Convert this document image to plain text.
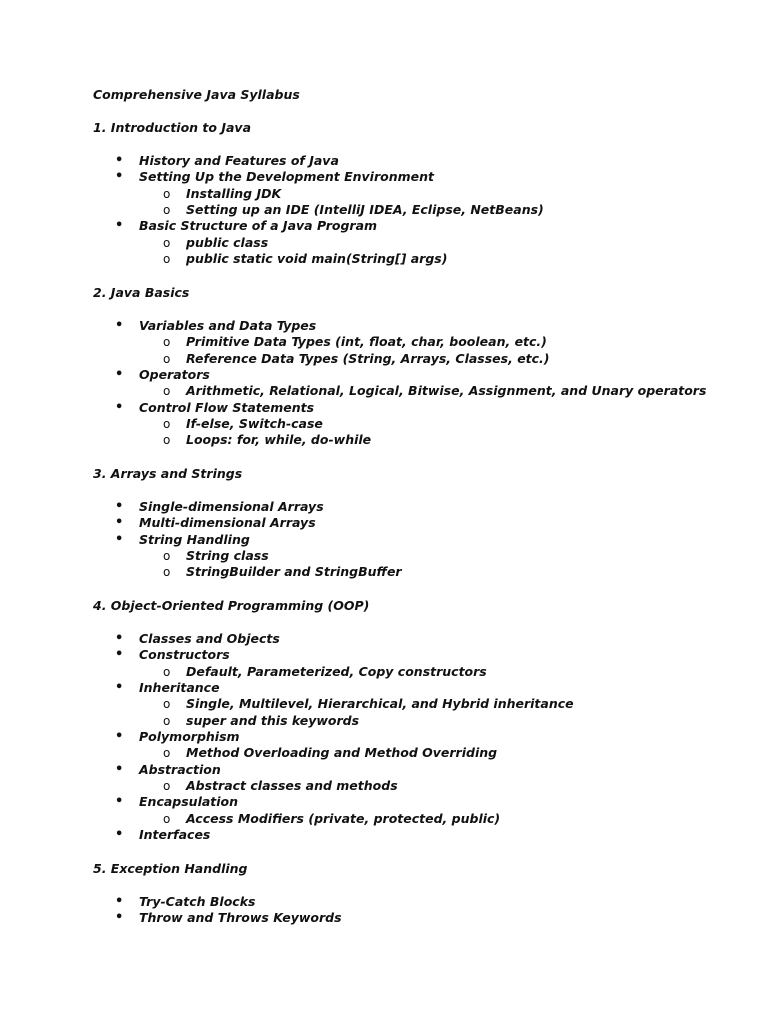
Comprehensive Java Syllabus
1. Introduction to Java
• History and Features of Java
• Setting Up the Development Environment
o Installing JDK
o Setting up an IDE (IntelliJ IDEA, Eclipse, NetBeans)
• Basic Structure of a Java Program
o public class
o public static void main(String[] args)
2. Java Basics
• Variables and Data Types
o Primitive Data Types (int, float, char, boolean, etc.)
o Reference Data Types (String, Arrays, Classes, etc.)
• Operators
o Arithmetic, Relational, Logical, Bitwise, Assignment, and Unary operators
• Control Flow Statements
o If-else, Switch-case
o Loops: for, while, do-while
3. Arrays and Strings
• Single-dimensional Arrays
• Multi-dimensional Arrays
• String Handling
o String class
o StringBuilder and StringBuffer
4. Object-Oriented Programming (OOP)
• Classes and Objects
• Constructors
o Default, Parameterized, Copy constructors
• Inheritance
o Single, Multilevel, Hierarchical, and Hybrid inheritance
o super and this keywords
• Polymorphism
o Method Overloading and Method Overriding
• Abstraction
o Abstract classes and methods
• Encapsulation
o Access Modifiers (private, protected, public)
• Interfaces
5. Exception Handling
• Try-Catch Blocks
• Throw and Throws Keywords
